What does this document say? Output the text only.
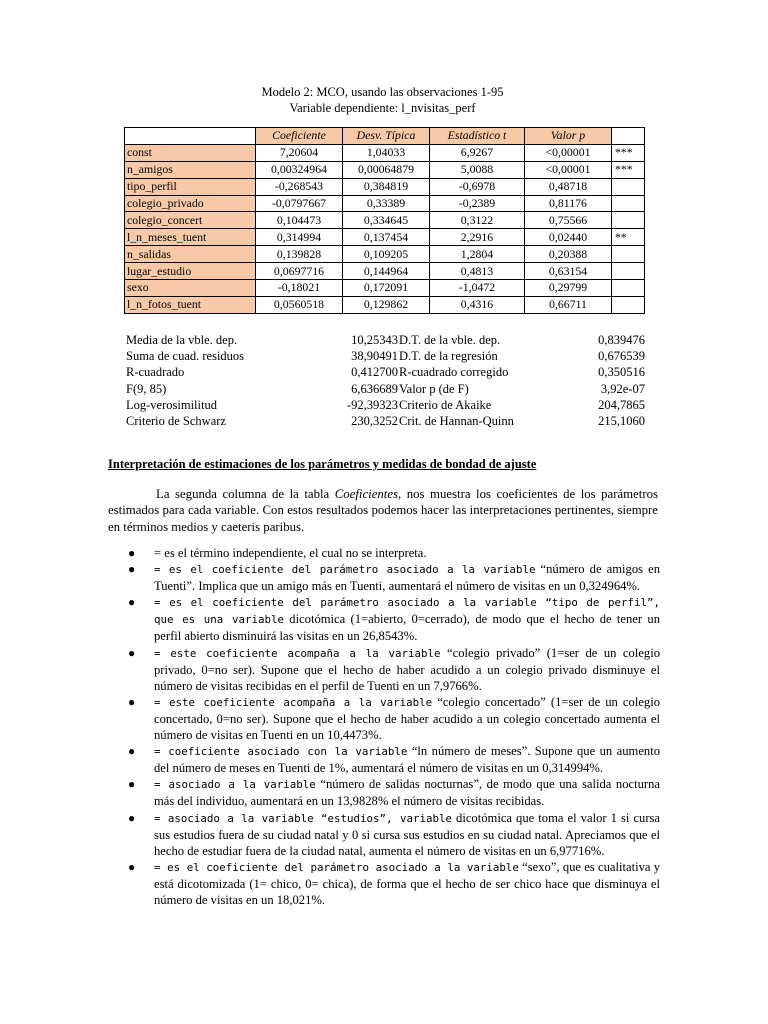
Modelo 2: MCO, usando las observaciones 1-95
Variable dependiente: l_nvisitas_perf
	Coeficiente	Desv. Típica	Estadístico t	Valor p	
const	7,20604	1,04033	6,9267	<0,00001	***
n_amigos	0,00324964	0,00064879	5,0088	<0,00001	***
tipo_perfil	-0,268543	0,384819	-0,6978	0,48718	
colegio_privado	-0,0797667	0,33389	-0,2389	0,81176	
colegio_concert	0,104473	0,334645	0,3122	0,75566	
l_n_meses_tuent	0,314994	0,137454	2,2916	0,02440	**
n_salidas	0,139828	0,109205	1,2804	0,20388	
lugar_estudio	0,0697716	0,144964	0,4813	0,63154	
sexo	-0,18021	0,172091	-1,0472	0,29799	
l_n_fotos_tuent	0,0560518	0,129862	0,4316	0,66711	
Media de la vble. dep.	10,25343 D.T. de la vble. dep.	0,839476
Suma de cuad. residuos	38,90491 D.T. de la regresión	0,676539
R-cuadrado	0,412700 R-cuadrado corregido	0,350516
F(9, 85)	6,636689 Valor p (de F)	3,92e-07
Log-verosimilitud	-92,39323 Criterio de Akaike	204,7865
Criterio de Schwarz	230,3252 Crit. de Hannan-Quinn	215,1060
Interpretación de estimaciones de los parámetros y medidas de bondad de ajuste
La segunda columna de la tabla Coeficientes, nos muestra los coeficientes de los parámetros estimados para cada variable. Con estos resultados podemos hacer las interpretaciones pertinentes, siempre en términos medios y caeteris paribus.
● = es el término independiente, el cual no se interpreta.
● = es el coeficiente del parámetro asociado a la variable “número de amigos en Tuenti”. Implica que un amigo más en Tuenti, aumentará el número de visitas en un 0,324964%.
● = es el coeficiente del parámetro asociado a la variable “tipo de perfil”, que es una variable dicotómica (1=abierto, 0=cerrado), de modo que el hecho de tener un perfil abierto disminuirá las visitas en un 26,8543%.
● = este coeficiente acompaña a la variable “colegio privado” (1=ser de un colegio privado, 0=no ser). Supone que el hecho de haber acudido a un colegio privado disminuye el número de visitas recibidas en el perfil de Tuenti en un 7,9766%.
● = este coeficiente acompaña a la variable “colegio concertado” (1=ser de un colegio concertado, 0=no ser). Supone que el hecho de haber acudido a un colegio concertado aumenta el número de visitas en Tuenti en un 10,4473%.
● = coeficiente asociado con la variable “ln número de meses”. Supone que un aumento del número de meses en Tuenti de 1%, aumentará el número de visitas en un 0,314994%.
● = asociado a la variable “número de salidas nocturnas”, de modo que una salida nocturna más del individuo, aumentará en un 13,9828% el número de visitas recibidas.
● = asociado a la variable “estudios”, variable dicotómica que toma el valor 1 si cursa sus estudios fuera de su ciudad natal y 0 si cursa sus estudios en su ciudad natal. Apreciamos que el hecho de estudiar fuera de la ciudad natal, aumenta el número de visitas en un 6,97716%.
● = es el coeficiente del parámetro asociado a la variable “sexo”, que es cualitativa y está dicotomizada (1= chico, 0= chica), de forma que el hecho de ser chico hace que disminuya el número de visitas en un 18,021%.
